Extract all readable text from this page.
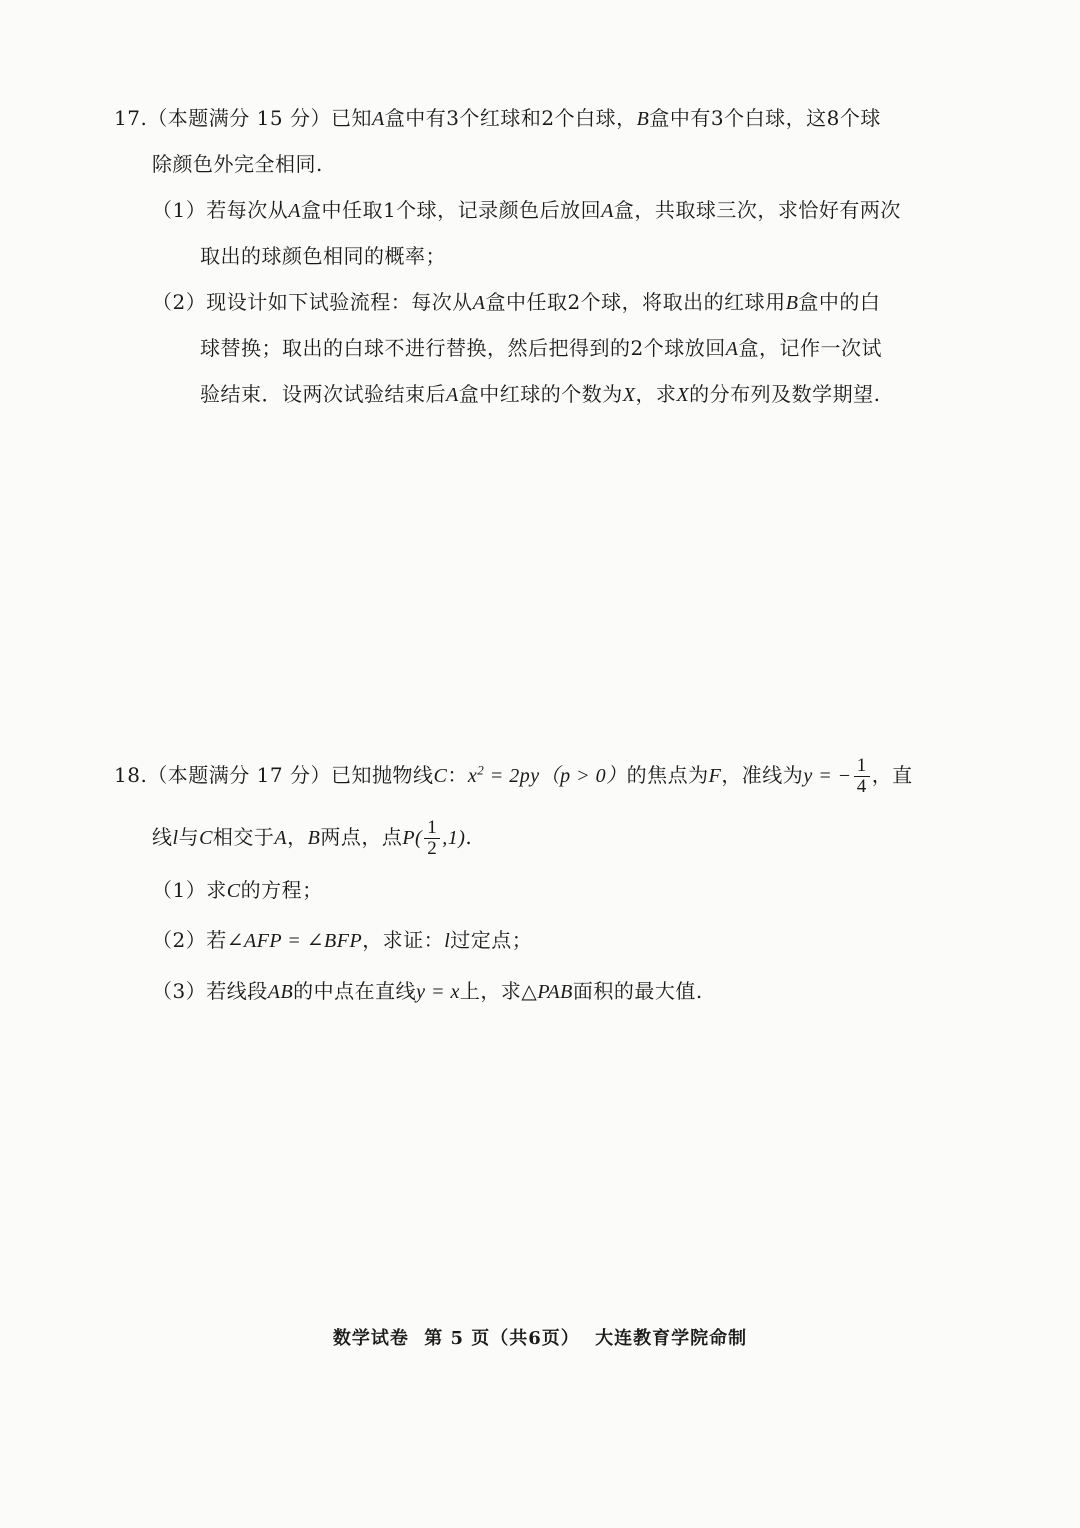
17.（本题满分 15 分）已知A盒中有3个红球和2个白球，B盒中有3个白球，这8个球
除颜色外完全相同.
（1）若每次从A盒中任取1个球，记录颜色后放回A盒，共取球三次，求恰好有两次
取出的球颜色相同的概率；
（2）现设计如下试验流程：每次从A盒中任取2个球，将取出的红球用B盒中的白
球替换；取出的白球不进行替换，然后把得到的2个球放回A盒，记作一次试
验结束．设两次试验结束后A盒中红球的个数为X，求X的分布列及数学期望.
18.（本题满分 17 分）已知抛物线C：$x^2 = 2py(p > 0)$的焦点为F，准线为y = − $\frac{1}{4}$ ，直
线l与C相交于A，B两点，点$P( \frac{1}{2} ,1)$.
（1）求C的方程；
（2）若∠AFP = ∠BFP，求证：l过定点；
（3）若线段AB的中点在直线y = x上，求△PAB面积的最大值.
数学试卷 第 5 页（共6页） 大连教育学院命制
